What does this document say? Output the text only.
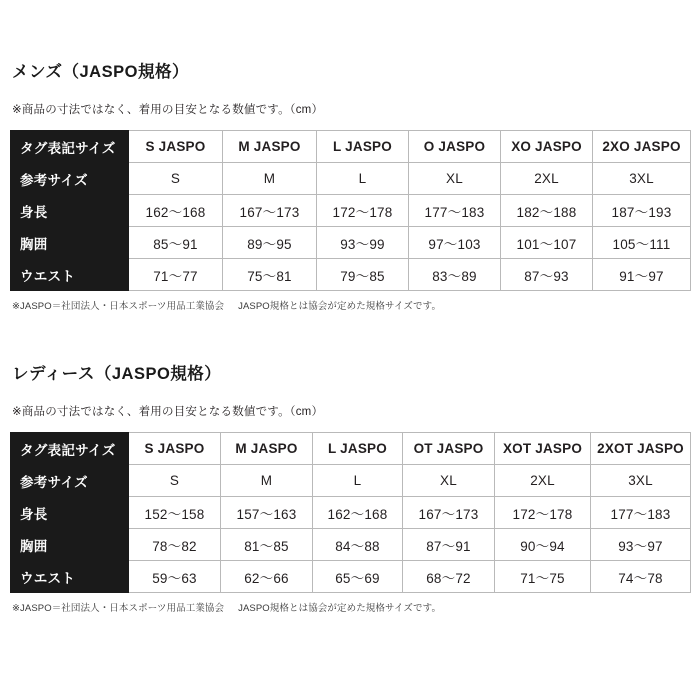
メンズ（JASPO規格）

※商品の寸法ではなく、着用の目安となる数値です。（cm）

タグ表記サイズ	S JASPO	M JASPO	L JASPO	O JASPO	XO JASPO	2XO JASPO
参考サイズ	S	M	L	XL	2XL	3XL
身長	162〜168	167〜173	172〜178	177〜183	182〜188	187〜193
胸囲	85〜91	89〜95	93〜99	97〜103	101〜107	105〜111
ウエスト	71〜77	75〜81	79〜85	83〜89	87〜93	91〜97

※JASPO＝社団法人・日本スポーツ用品工業協会 JASPO規格とは協会が定めた規格サイズです。

レディース（JASPO規格）

※商品の寸法ではなく、着用の目安となる数値です。（cm）

タグ表記サイズ	S JASPO	M JASPO	L JASPO	OT JASPO	XOT JASPO	2XOT JASPO
参考サイズ	S	M	L	XL	2XL	3XL
身長	152〜158	157〜163	162〜168	167〜173	172〜178	177〜183
胸囲	78〜82	81〜85	84〜88	87〜91	90〜94	93〜97
ウエスト	59〜63	62〜66	65〜69	68〜72	71〜75	74〜78

※JASPO＝社団法人・日本スポーツ用品工業協会 JASPO規格とは協会が定めた規格サイズです。
